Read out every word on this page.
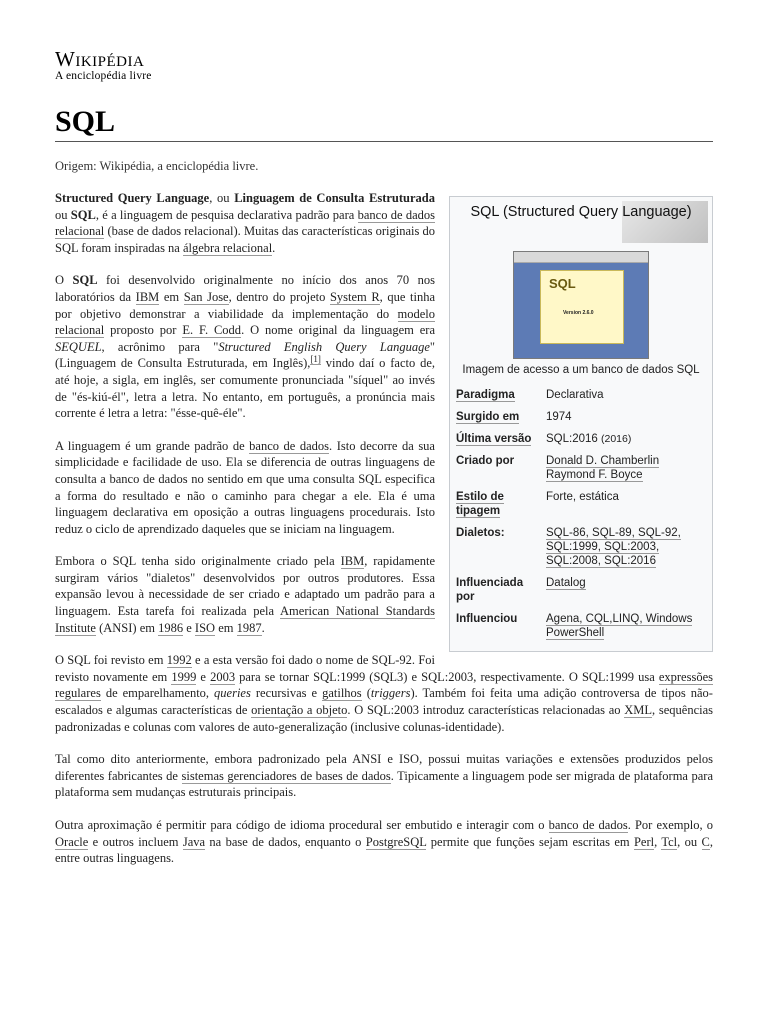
Wikipédia
A enciclopédia livre
SQL
Origem: Wikipédia, a enciclopédia livre.
SQL (Structured Query Language)
SQL
Version 2.6.0
Imagem de acesso a um banco de dados SQL
Paradigma	Declarativa
Surgido em	1974
Última versão	SQL:2016 (2016)
Criado por	Donald D. Chamberlin
Raymond F. Boyce
Estilo de tipagem	Forte, estática
Dialetos:	SQL-86, SQL-89, SQL-92, SQL:1999, SQL:2003, SQL:2008, SQL:2016
Influenciada por	Datalog
Influenciou	Agena, CQL,LINQ, Windows PowerShell

Structured Query Language, ou Linguagem de Consulta Estruturada ou SQL, é a linguagem de pesquisa declarativa padrão para banco de dados relacional (base de dados relacional). Muitas das características originais do SQL foram inspiradas na álgebra relacional.

O SQL foi desenvolvido originalmente no início dos anos 70 nos laboratórios da IBM em San Jose, dentro do projeto System R, que tinha por objetivo demonstrar a viabilidade da implementação do modelo relacional proposto por E. F. Codd. O nome original da linguagem era SEQUEL, acrônimo para "Structured English Query Language" (Linguagem de Consulta Estruturada, em Inglês),[1] vindo daí o facto de, até hoje, a sigla, em inglês, ser comumente pronunciada "síquel" ao invés de "és-kiú-él", letra a letra. No entanto, em português, a pronúncia mais corrente é letra a letra: "ésse-quê-éle".

A linguagem é um grande padrão de banco de dados. Isto decorre da sua simplicidade e facilidade de uso. Ela se diferencia de outras linguagens de consulta a banco de dados no sentido em que uma consulta SQL especifica a forma do resultado e não o caminho para chegar a ele. Ela é uma linguagem declarativa em oposição a outras linguagens procedurais. Isto reduz o ciclo de aprendizado daqueles que se iniciam na linguagem.

Embora o SQL tenha sido originalmente criado pela IBM, rapidamente surgiram vários "dialetos" desenvolvidos por outros produtores. Essa expansão levou à necessidade de ser criado e adaptado um padrão para a linguagem. Esta tarefa foi realizada pela American National Standards Institute (ANSI) em 1986 e ISO em 1987.

O SQL foi revisto em 1992 e a esta versão foi dado o nome de SQL-92. Foi revisto novamente em 1999 e 2003 para se tornar SQL:1999 (SQL3) e SQL:2003, respectivamente. O SQL:1999 usa expressões regulares de emparelhamento, queries recursivas e gatilhos (triggers). Também foi feita uma adição controversa de tipos não-escalados e algumas características de orientação a objeto. O SQL:2003 introduz características relacionadas ao XML, sequências padronizadas e colunas com valores de auto-generalização (inclusive colunas-identidade).

Tal como dito anteriormente, embora padronizado pela ANSI e ISO, possui muitas variações e extensões produzidos pelos diferentes fabricantes de sistemas gerenciadores de bases de dados. Tipicamente a linguagem pode ser migrada de plataforma para plataforma sem mudanças estruturais principais.

Outra aproximação é permitir para código de idioma procedural ser embutido e interagir com o banco de dados. Por exemplo, o Oracle e outros incluem Java na base de dados, enquanto o PostgreSQL permite que funções sejam escritas em Perl, Tcl, ou C, entre outras linguagens.
